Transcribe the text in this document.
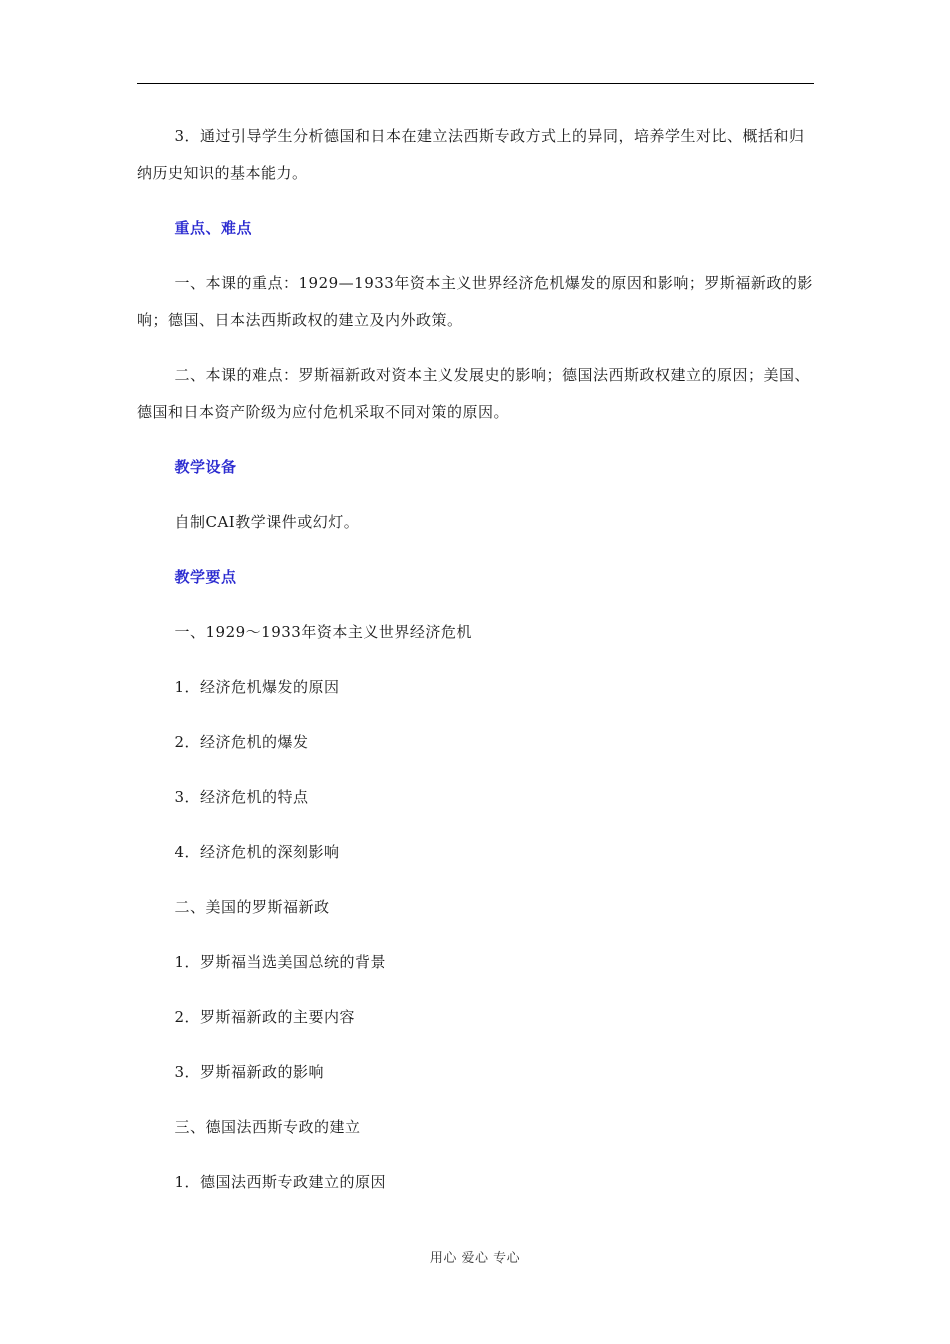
3．通过引导学生分析德国和日本在建立法西斯专政方式上的异同，培养学生对比、概括和归纳历史知识的基本能力。

重点、难点

一、本课的重点：1929—1933年资本主义世界经济危机爆发的原因和影响；罗斯福新政的影响；德国、日本法西斯政权的建立及内外政策。

二、本课的难点：罗斯福新政对资本主义发展史的影响；德国法西斯政权建立的原因；美国、德国和日本资产阶级为应付危机采取不同对策的原因。

教学设备

自制CAI教学课件或幻灯。

教学要点

一、1929～1933年资本主义世界经济危机

1．经济危机爆发的原因

2．经济危机的爆发

3．经济危机的特点

4．经济危机的深刻影响

二、美国的罗斯福新政

1．罗斯福当选美国总统的背景

2．罗斯福新政的主要内容

3．罗斯福新政的影响

三、德国法西斯专政的建立

1．德国法西斯专政建立的原因

用心 爱心 专心
